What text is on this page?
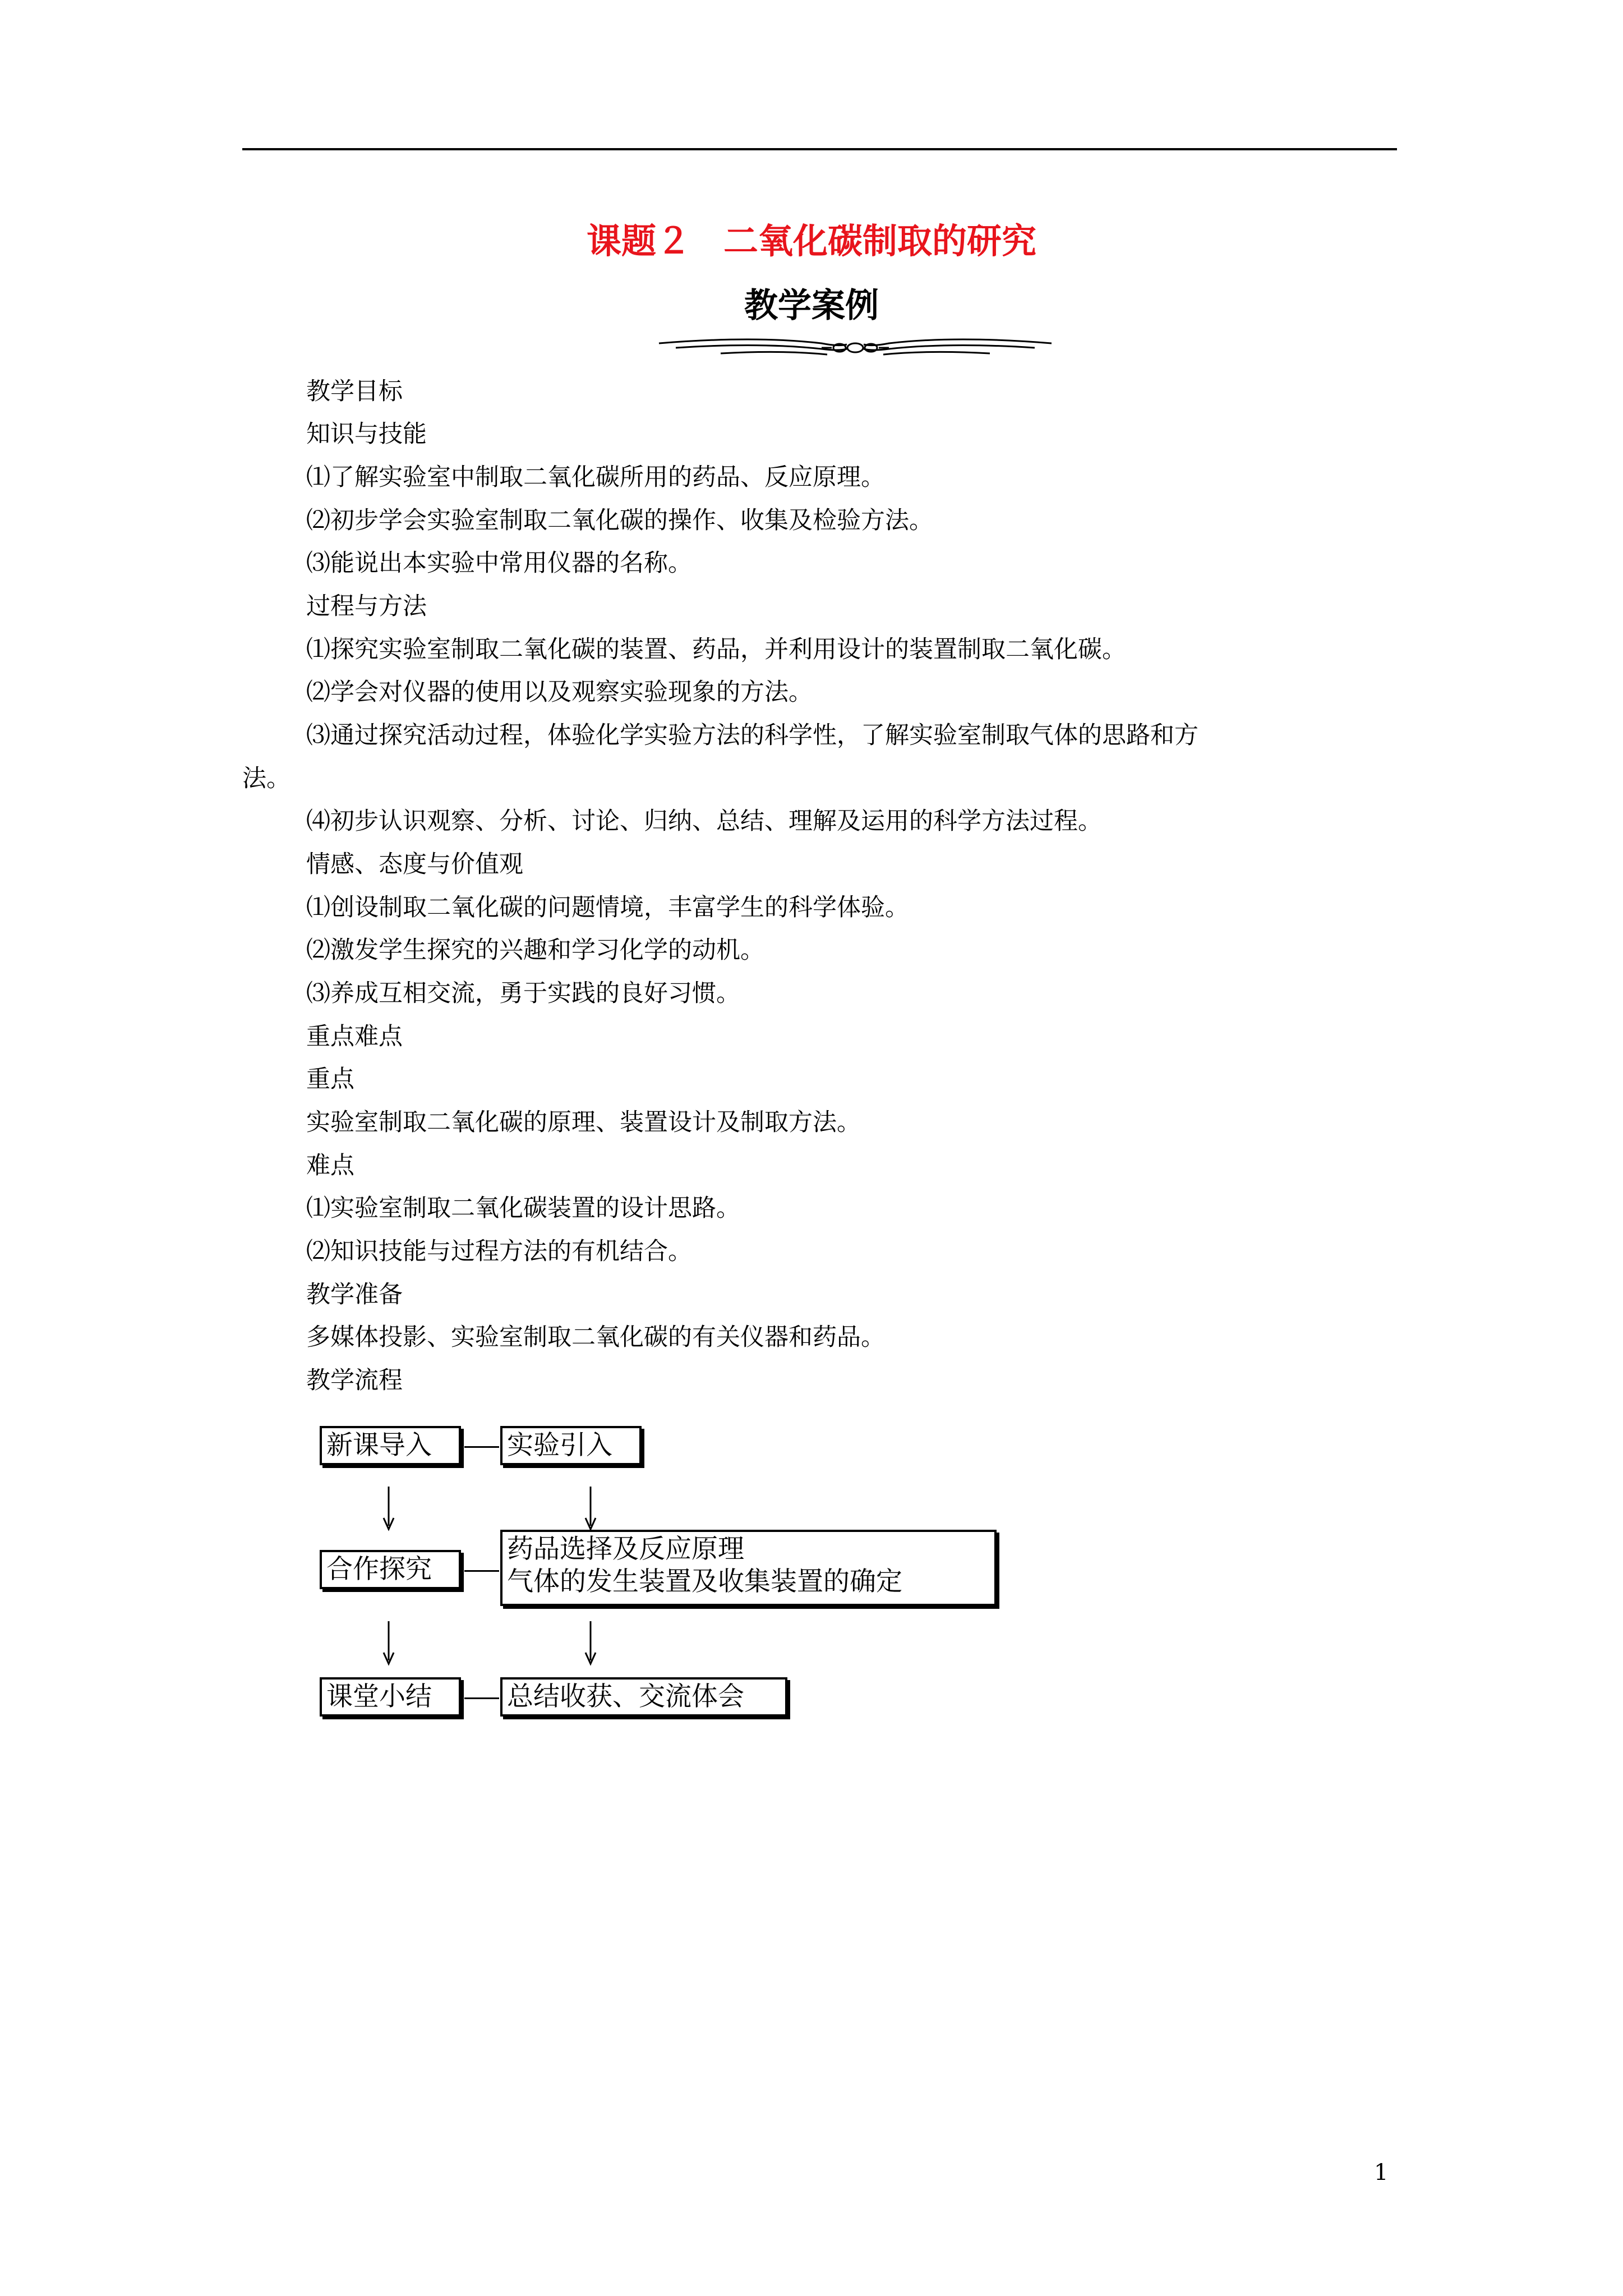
课题２ 二氧化碳制取的研究
教学案例
教学目标
知识与技能
⑴了解实验室中制取二氧化碳所用的药品、反应原理。
⑵初步学会实验室制取二氧化碳的操作、收集及检验方法。
⑶能说出本实验中常用仪器的名称。
过程与方法
⑴探究实验室制取二氧化碳的装置、药品，并利用设计的装置制取二氧化碳。
⑵学会对仪器的使用以及观察实验现象的方法。
⑶通过探究活动过程，体验化学实验方法的科学性，了解实验室制取气体的思路和方
法。
⑷初步认识观察、分析、讨论、归纳、总结、理解及运用的科学方法过程。
情感、态度与价值观
⑴创设制取二氧化碳的问题情境，丰富学生的科学体验。
⑵激发学生探究的兴趣和学习化学的动机。
⑶养成互相交流，勇于实践的良好习惯。
重点难点
重点
实验室制取二氧化碳的原理、装置设计及制取方法。
难点
⑴实验室制取二氧化碳装置的设计思路。
⑵知识技能与过程方法的有机结合。
教学准备
多媒体投影、实验室制取二氧化碳的有关仪器和药品。
教学流程
新课导入	实验引入
合作探究
药品选择及反应原理
气体的发生装置及收集装置的确定
课堂小结	总结收获、交流体会
1
